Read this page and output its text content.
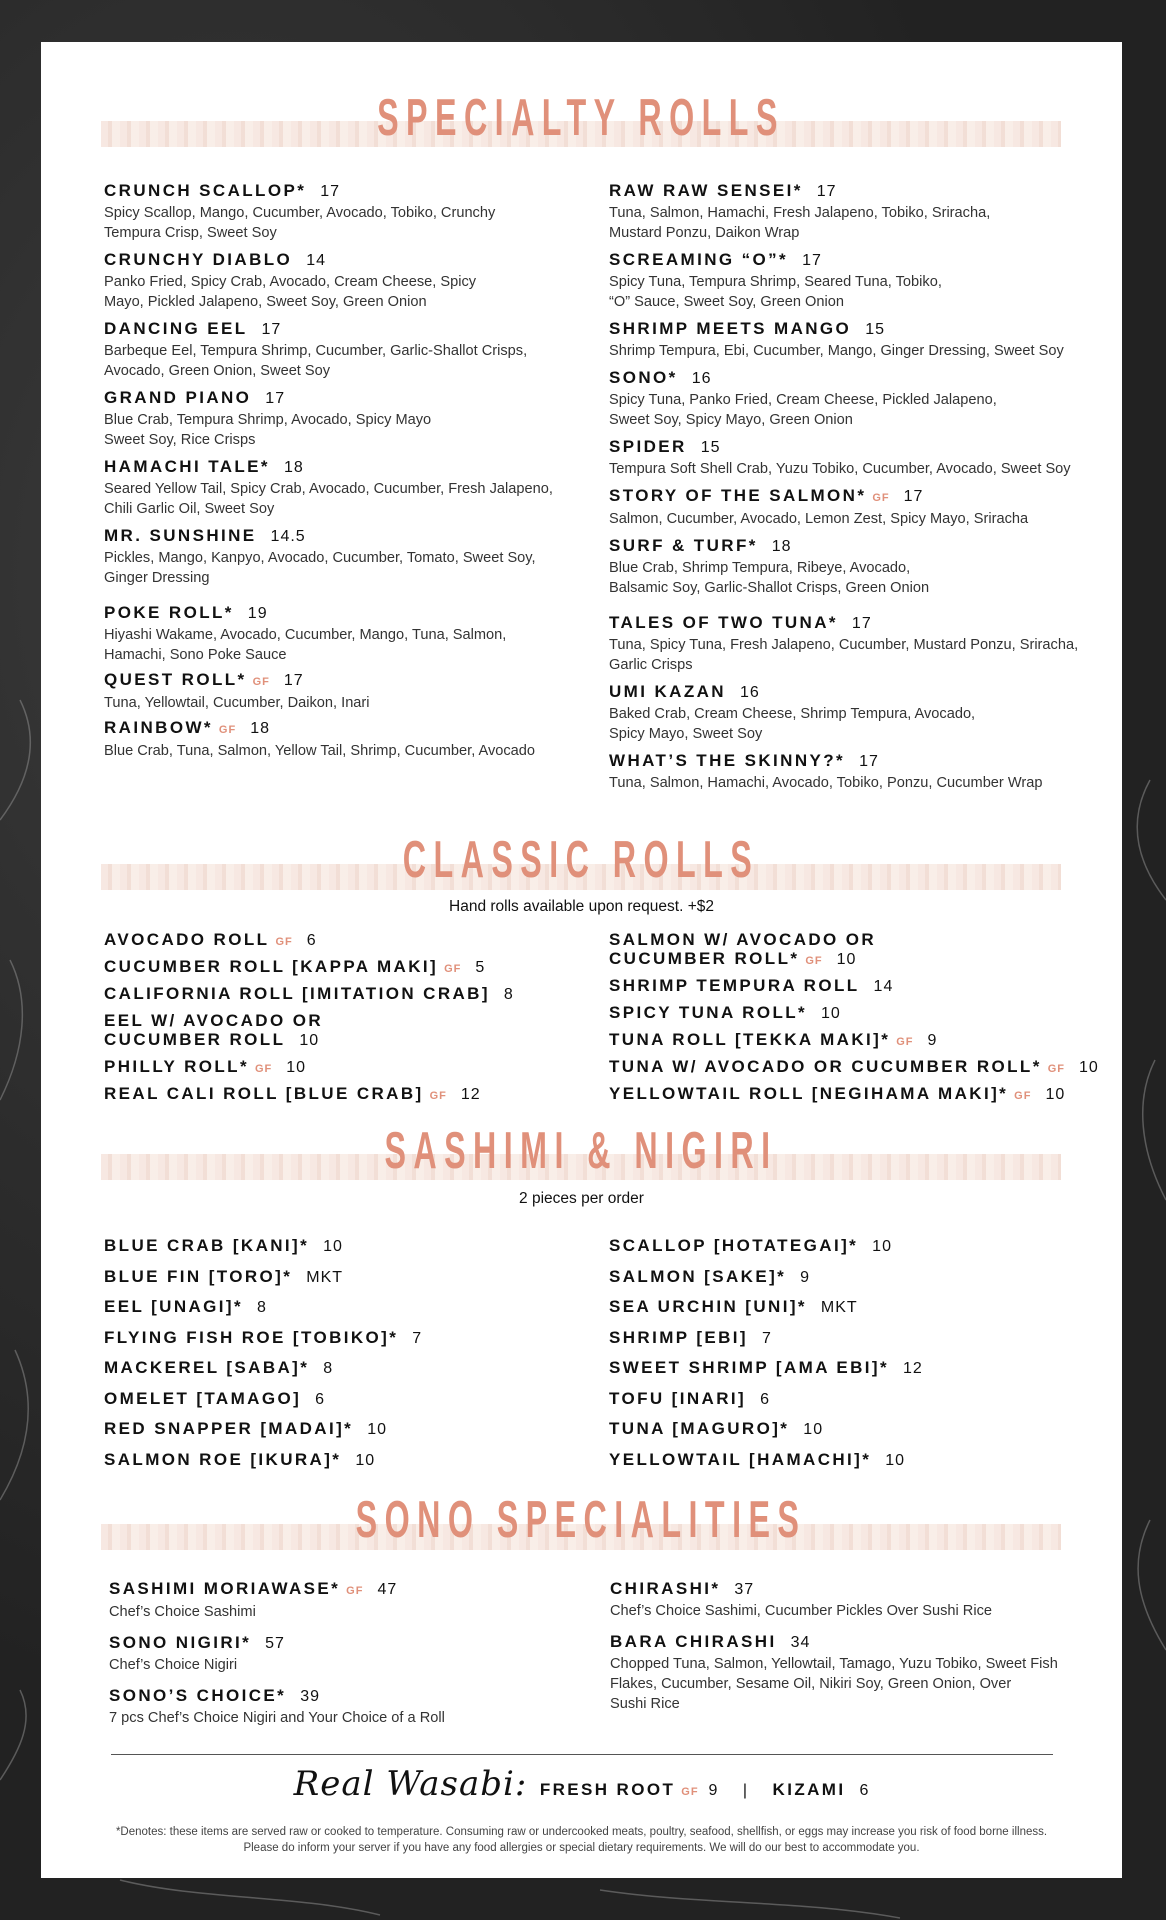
SPECIALTY ROLLS
CRUNCH SCALLOP* 17
Spicy Scallop, Mango, Cucumber, Avocado, Tobiko, Crunchy
Tempura Crisp, Sweet Soy
CRUNCHY DIABLO 14
Panko Fried, Spicy Crab, Avocado, Cream Cheese, Spicy
Mayo, Pickled Jalapeno, Sweet Soy, Green Onion
DANCING EEL 17
Barbeque Eel, Tempura Shrimp, Cucumber, Garlic-Shallot Crisps,
Avocado, Green Onion, Sweet Soy
GRAND PIANO 17
Blue Crab, Tempura Shrimp, Avocado, Spicy Mayo
Sweet Soy, Rice Crisps
HAMACHI TALE* 18
Seared Yellow Tail, Spicy Crab, Avocado, Cucumber, Fresh Jalapeno,
Chili Garlic Oil, Sweet Soy
MR. SUNSHINE 14.5
Pickles, Mango, Kanpyo, Avocado, Cucumber, Tomato, Sweet Soy,
Ginger Dressing
POKE ROLL* 19
Hiyashi Wakame, Avocado, Cucumber, Mango, Tuna, Salmon,
Hamachi, Sono Poke Sauce
QUEST ROLL* GF 17
Tuna, Yellowtail, Cucumber, Daikon, Inari
RAINBOW* GF 18
Blue Crab, Tuna, Salmon, Yellow Tail, Shrimp, Cucumber, Avocado
RAW RAW SENSEI* 17
Tuna, Salmon, Hamachi, Fresh Jalapeno, Tobiko, Sriracha,
Mustard Ponzu, Daikon Wrap
SCREAMING “O”* 17
Spicy Tuna, Tempura Shrimp, Seared Tuna, Tobiko,
“O” Sauce, Sweet Soy, Green Onion
SHRIMP MEETS MANGO 15
Shrimp Tempura, Ebi, Cucumber, Mango, Ginger Dressing, Sweet Soy
SONO* 16
Spicy Tuna, Panko Fried, Cream Cheese, Pickled Jalapeno,
Sweet Soy, Spicy Mayo, Green Onion
SPIDER 15
Tempura Soft Shell Crab, Yuzu Tobiko, Cucumber, Avocado, Sweet Soy
STORY OF THE SALMON* GF 17
Salmon, Cucumber, Avocado, Lemon Zest, Spicy Mayo, Sriracha
SURF & TURF* 18
Blue Crab, Shrimp Tempura, Ribeye, Avocado,
Balsamic Soy, Garlic-Shallot Crisps, Green Onion
TALES OF TWO TUNA* 17
Tuna, Spicy Tuna, Fresh Jalapeno, Cucumber, Mustard Ponzu, Sriracha,
Garlic Crisps
UMI KAZAN 16
Baked Crab, Cream Cheese, Shrimp Tempura, Avocado,
Spicy Mayo, Sweet Soy
WHAT’S THE SKINNY?* 17
Tuna, Salmon, Hamachi, Avocado, Tobiko, Ponzu, Cucumber Wrap
CLASSIC ROLLS
Hand rolls available upon request. +$2
AVOCADO ROLL GF 6
CUCUMBER ROLL [KAPPA MAKI] GF 5
CALIFORNIA ROLL [IMITATION CRAB] 8
EEL W/ AVOCADO OR
CUCUMBER ROLL 10
PHILLY ROLL* GF 10
REAL CALI ROLL [BLUE CRAB] GF 12
SALMON W/ AVOCADO OR
CUCUMBER ROLL* GF 10
SHRIMP TEMPURA ROLL 14
SPICY TUNA ROLL* 10
TUNA ROLL [TEKKA MAKI]* GF 9
TUNA W/ AVOCADO OR CUCUMBER ROLL* GF 10
YELLOWTAIL ROLL [NEGIHAMA MAKI]* GF 10
SASHIMI & NIGIRI
2 pieces per order
BLUE CRAB [KANI]* 10
BLUE FIN [TORO]* MKT
EEL [UNAGI]* 8
FLYING FISH ROE [TOBIKO]* 7
MACKEREL [SABA]* 8
OMELET [TAMAGO] 6
RED SNAPPER [MADAI]* 10
SALMON ROE [IKURA]* 10
SCALLOP [HOTATEGAI]* 10
SALMON [SAKE]* 9
SEA URCHIN [UNI]* MKT
SHRIMP [EBI] 7
SWEET SHRIMP [AMA EBI]* 12
TOFU [INARI] 6
TUNA [MAGURO]* 10
YELLOWTAIL [HAMACHI]* 10
SONO SPECIALITIES
SASHIMI MORIAWASE* GF 47
Chef’s Choice Sashimi
SONO NIGIRI* 57
Chef’s Choice Nigiri
SONO’S CHOICE* 39
7 pcs Chef’s Choice Nigiri and Your Choice of a Roll
CHIRASHI* 37
Chef’s Choice Sashimi, Cucumber Pickles Over Sushi Rice
BARA CHIRASHI 34
Chopped Tuna, Salmon, Yellowtail, Tamago, Yuzu Tobiko, Sweet Fish
Flakes, Cucumber, Sesame Oil, Nikiri Soy, Green Onion, Over
Sushi Rice
Real Wasabi: FRESH ROOT GF 9 | KIZAMI 6
*Denotes: these items are served raw or cooked to temperature. Consuming raw or undercooked meats, poultry, seafood, shellfish, or eggs may increase you risk of food borne illness.
Please do inform your server if you have any food allergies or special dietary requirements. We will do our best to accommodate you.
